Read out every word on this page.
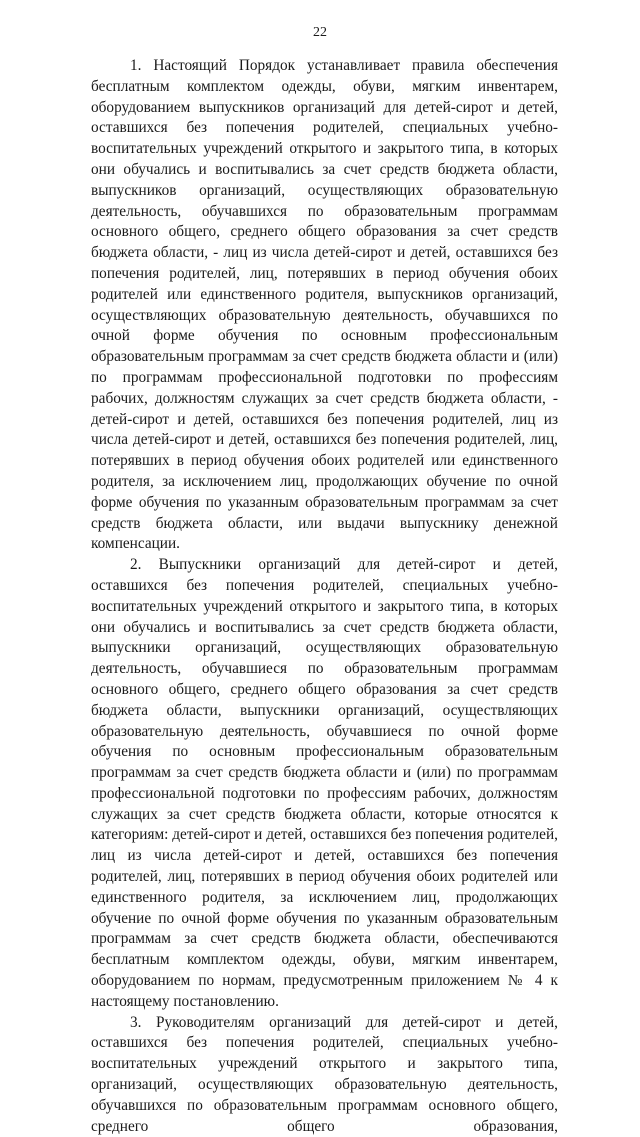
22

1. Настоящий Порядок устанавливает правила обеспечения бесплатным комплектом одежды, обуви, мягким инвентарем, оборудованием выпускников организаций для детей-сирот и детей, оставшихся без попечения родителей, специальных учебно-воспитательных учреждений открытого и закрытого типа, в которых они обучались и воспитывались за счет средств бюджета области, выпускников организаций, осуществляющих образовательную деятельность, обучавшихся по образовательным программам основного общего, среднего общего образования за счет средств бюджета области, - лиц из числа детей-сирот и детей, оставшихся без попечения родителей, лиц, потерявших в период обучения обоих родителей или единственного родителя, выпускников организаций, осуществляющих образовательную деятельность, обучавшихся по очной форме обучения по основным профессиональным образовательным программам за счет средств бюджета области и (или) по программам профессиональной подготовки по профессиям рабочих, должностям служащих за счет средств бюджета области, - детей-сирот и детей, оставшихся без попечения родителей, лиц из числа детей-сирот и детей, оставшихся без попечения родителей, лиц, потерявших в период обучения обоих родителей или единственного родителя, за исключением лиц, продолжающих обучение по очной форме обучения по указанным образовательным программам за счет средств бюджета области, или выдачи выпускнику денежной компенсации.

2. Выпускники организаций для детей-сирот и детей, оставшихся без попечения родителей, специальных учебно-воспитательных учреждений открытого и закрытого типа, в которых они обучались и воспитывались за счет средств бюджета области, выпускники организаций, осуществляющих образовательную деятельность, обучавшиеся по образовательным программам основного общего, среднего общего образования за счет средств бюджета области, выпускники организаций, осуществляющих образовательную деятельность, обучавшиеся по очной форме обучения по основным профессиональным образовательным программам за счет средств бюджета области и (или) по программам профессиональной подготовки по профессиям рабочих, должностям служащих за счет средств бюджета области, которые относятся к категориям: детей-сирот и детей, оставшихся без попечения родителей, лиц из числа детей-сирот и детей, оставшихся без попечения родителей, лиц, потерявших в период обучения обоих родителей или единственного родителя, за исключением лиц, продолжающих обучение по очной форме обучения по указанным образовательным программам за счет средств бюджета области, обеспечиваются бесплатным комплектом одежды, обуви, мягким инвентарем, оборудованием по нормам, предусмотренным приложением № 4 к настоящему постановлению.

3. Руководителям организаций для детей-сирот и детей, оставшихся без попечения родителей, специальных учебно-воспитательных учреждений открытого и закрытого типа, организаций, осуществляющих образовательную деятельность, обучавшихся по образовательным программам основного общего, среднего общего образования,
